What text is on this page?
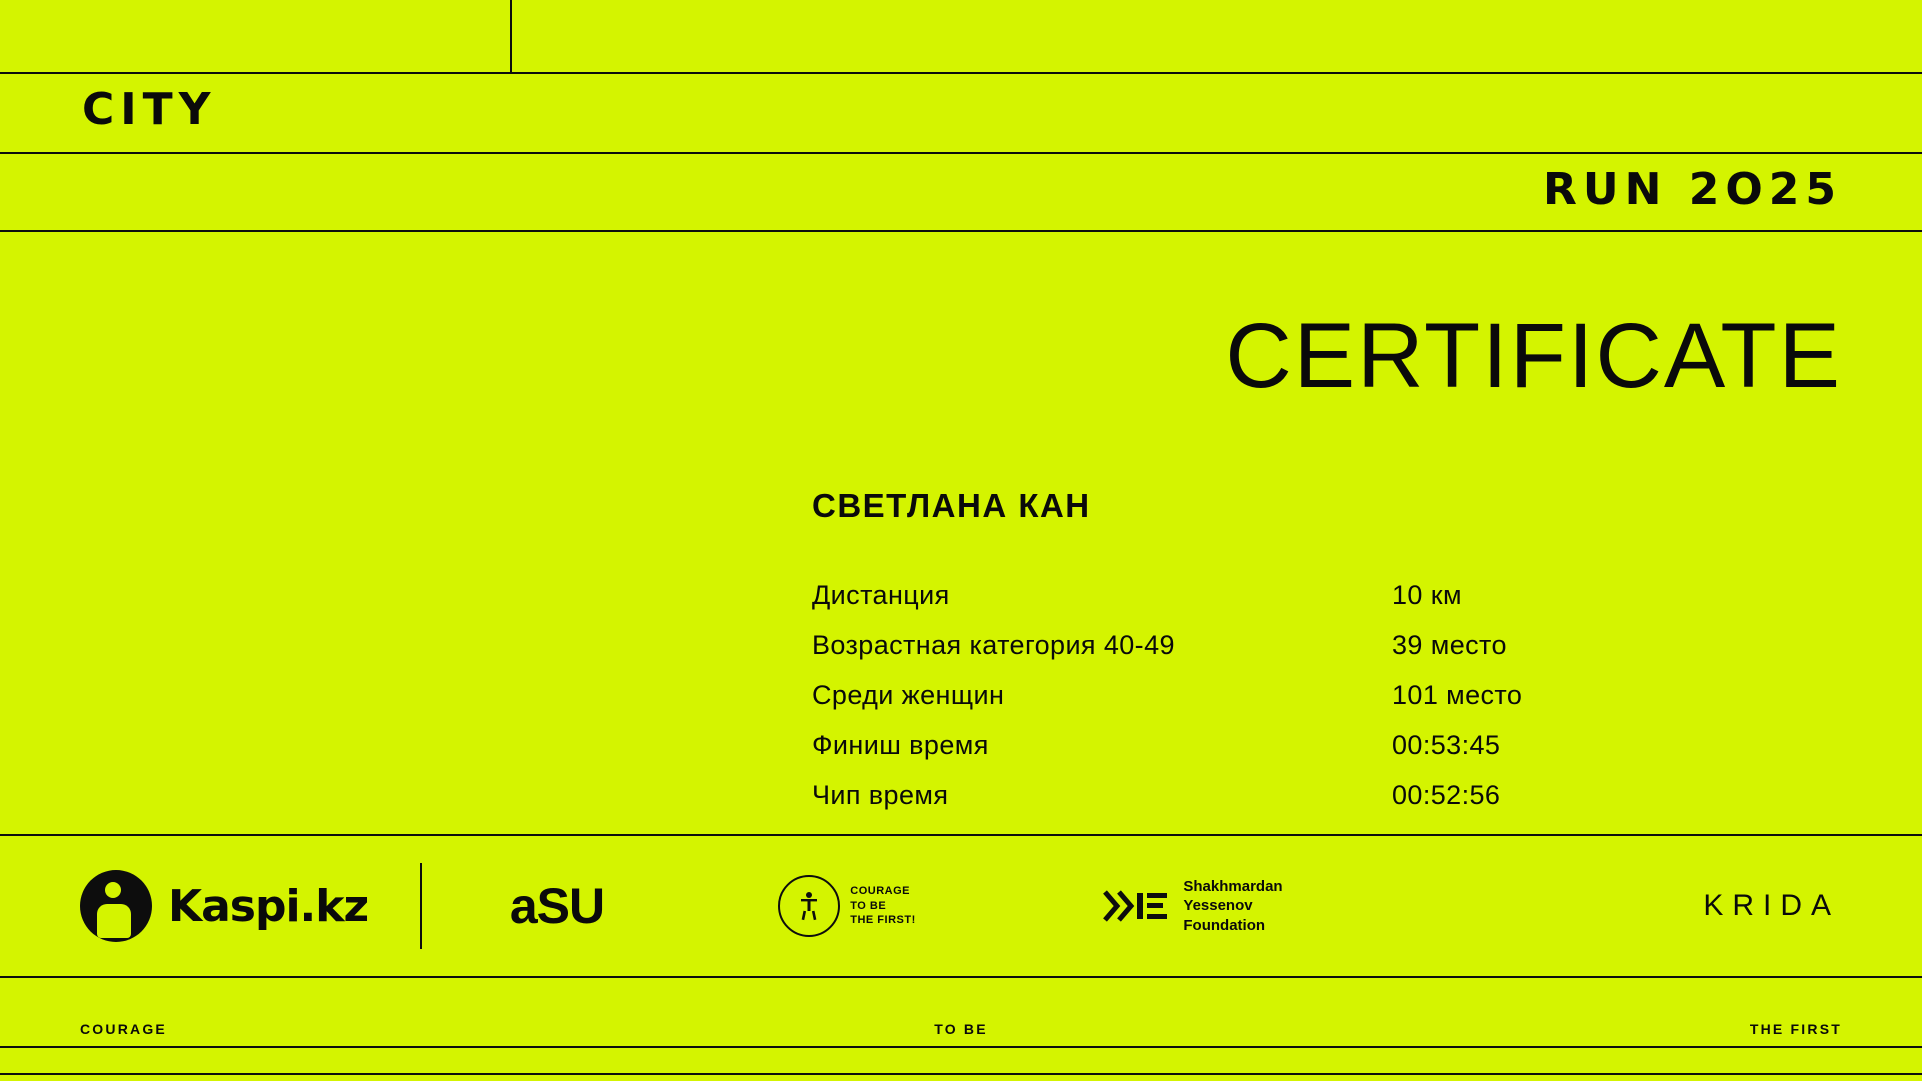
CITY
RUN 2O25
CERTIFICATE
СВЕТЛАНА КАН
Дистанция	10 км
Возрастная категория 40-49	39 место
Среди женщин	101 место
Финиш время	00:53:45
Чип время	00:52:56
Kaspi.kz	aSU	COURAGE
TO BE
THE FIRST!
Shakhmardan
Yessenov
Foundation
KRIDA
COURAGE	TO BE	THE FIRST
